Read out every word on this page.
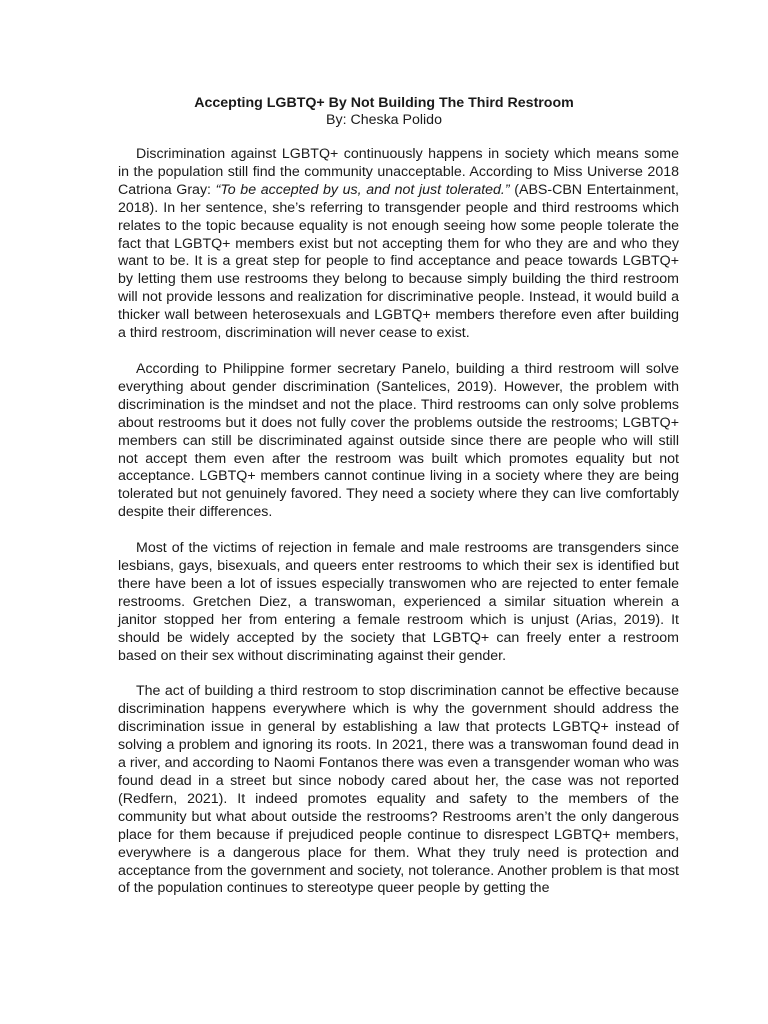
Accepting LGBTQ+ By Not Building The Third Restroom
By: Cheska Polido

Discrimination against LGBTQ+ continuously happens in society which means some in the population still find the community unacceptable. According to Miss Universe 2018 Catriona Gray: “To be accepted by us, and not just tolerated.” (ABS-CBN Entertainment, 2018). In her sentence, she’s referring to transgender people and third restrooms which relates to the topic because equality is not enough seeing how some people tolerate the fact that LGBTQ+ members exist but not accepting them for who they are and who they want to be. It is a great step for people to find acceptance and peace towards LGBTQ+ by letting them use restrooms they belong to because simply building the third restroom will not provide lessons and realization for discriminative people. Instead, it would build a thicker wall between heterosexuals and LGBTQ+ members therefore even after building a third restroom, discrimination will never cease to exist.

According to Philippine former secretary Panelo, building a third restroom will solve everything about gender discrimination (Santelices, 2019). However, the problem with discrimination is the mindset and not the place. Third restrooms can only solve problems about restrooms but it does not fully cover the problems outside the restrooms; LGBTQ+ members can still be discriminated against outside since there are people who will still not accept them even after the restroom was built which promotes equality but not acceptance. LGBTQ+ members cannot continue living in a society where they are being tolerated but not genuinely favored. They need a society where they can live comfortably despite their differences.

Most of the victims of rejection in female and male restrooms are transgenders since lesbians, gays, bisexuals, and queers enter restrooms to which their sex is identified but there have been a lot of issues especially transwomen who are rejected to enter female restrooms. Gretchen Diez, a transwoman, experienced a similar situation wherein a janitor stopped her from entering a female restroom which is unjust (Arias, 2019). It should be widely accepted by the society that LGBTQ+ can freely enter a restroom based on their sex without discriminating against their gender.

The act of building a third restroom to stop discrimination cannot be effective because discrimination happens everywhere which is why the government should address the discrimination issue in general by establishing a law that protects LGBTQ+ instead of solving a problem and ignoring its roots. In 2021, there was a transwoman found dead in a river, and according to Naomi Fontanos there was even a transgender woman who was found dead in a street but since nobody cared about her, the case was not reported (Redfern, 2021). It indeed promotes equality and safety to the members of the community but what about outside the restrooms? Restrooms aren’t the only dangerous place for them because if prejudiced people continue to disrespect LGBTQ+ members, everywhere is a dangerous place for them. What they truly need is protection and acceptance from the government and society, not tolerance. Another problem is that most of the population continues to stereotype queer people by getting the
